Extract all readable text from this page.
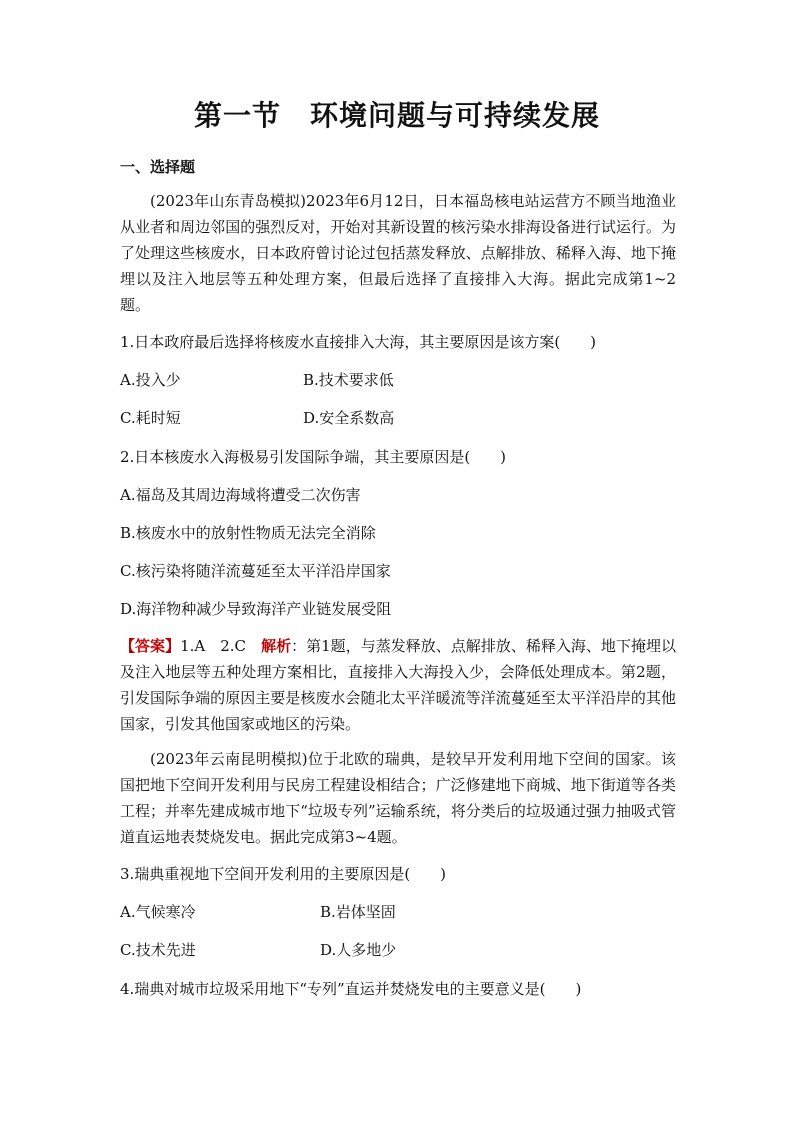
第一节　环境问题与可持续发展
一、选择题
(2023年山东青岛模拟)2023年6月12日，日本福岛核电站运营方不顾当地渔业从业者和周边邻国的强烈反对，开始对其新设置的核污染水排海设备进行试运行。为了处理这些核废水，日本政府曾讨论过包括蒸发释放、点解排放、稀释入海、地下掩埋以及注入地层等五种处理方案，但最后选择了直接排入大海。据此完成第1~2题。
1.日本政府最后选择将核废水直接排入大海，其主要原因是该方案(　　)
A.投入少	B.技术要求低
C.耗时短	D.安全系数高
2.日本核废水入海极易引发国际争端，其主要原因是(　　)
A.福岛及其周边海域将遭受二次伤害
B.核废水中的放射性物质无法完全消除
C.核污染将随洋流蔓延至太平洋沿岸国家
D.海洋物种减少导致海洋产业链发展受阻
【答案】1.A　2.C　解析：第1题，与蒸发释放、点解排放、稀释入海、地下掩埋以及注入地层等五种处理方案相比，直接排入大海投入少，会降低处理成本。第2题，引发国际争端的原因主要是核废水会随北太平洋暖流等洋流蔓延至太平洋沿岸的其他国家，引发其他国家或地区的污染。
(2023年云南昆明模拟)位于北欧的瑞典，是较早开发利用地下空间的国家。该国把地下空间开发利用与民房工程建设相结合；广泛修建地下商城、地下街道等各类工程；并率先建成城市地下“垃圾专列”运输系统，将分类后的垃圾通过强力抽吸式管道直运地表焚烧发电。据此完成第3~4题。
3.瑞典重视地下空间开发利用的主要原因是(　　)
A.气候寒冷	B.岩体坚固
C.技术先进	D.人多地少
4.瑞典对城市垃圾采用地下“专列”直运并焚烧发电的主要意义是(　　)
